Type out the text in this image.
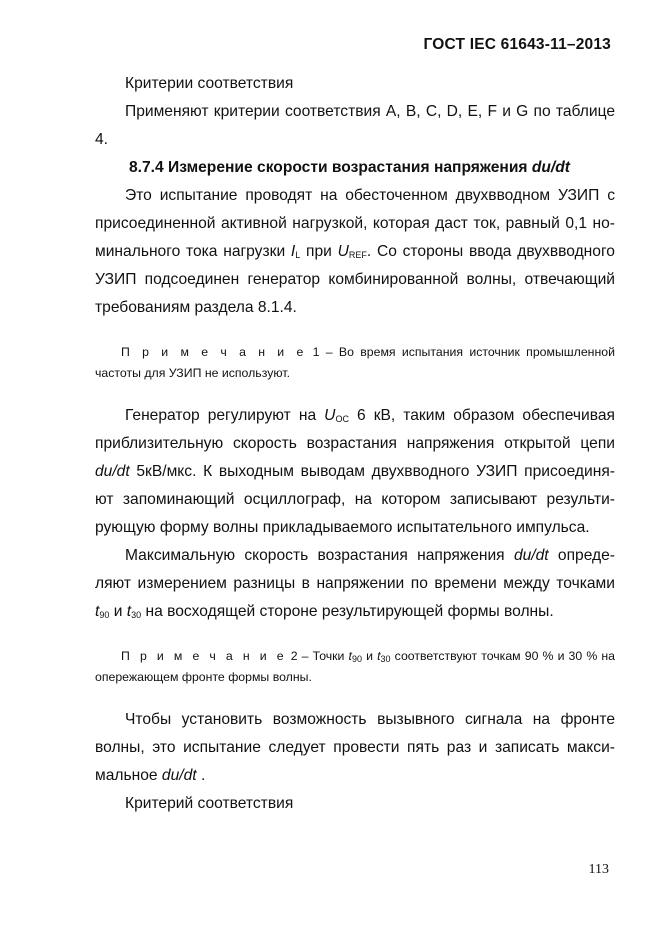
ГОСТ IEC 61643-11–2013

Критерии соответствия

Применяют критерии соответствия A, B, C, D, E, F и G по таблице 4.

8.7.4 Измерение скорости возрастания напряжения du/dt

Это испытание проводят на обесточенном двухвводном УЗИП с присоединенной активной нагрузкой, которая даст ток, равный 0,1 но-минального тока нагрузки $I_L$ при $U_{REF}$. Со стороны ввода двухвводного УЗИП подсоединен генератор комбинированной волны, отвечающий требованиям раздела 8.1.4.

П р и м е ч а н и е 1 – Во время испытания источник промышленной частоты для УЗИП не используют.

Генератор регулируют на $U_{OC}$ 6 кВ, таким образом обеспечивая приблизительную скорость возрастания напряжения открытой цепи du/dt 5кВ/мкс. К выходным выводам двухвводного УЗИП присоединя-ют запоминающий осциллограф, на котором записывают результи-рующую форму волны прикладываемого испытательного импульса.

Максимальную скорость возрастания напряжения du/dt опреде-ляют измерением разницы в напряжении по времени между точками $t_{90}$ и $t_{30}$ на восходящей стороне результирующей формы волны.

П р и м е ч а н и е 2 – Точки $t_{90}$ и $t_{30}$ соответствуют точкам 90 % и 30 % на опережающем фронте формы волны.

Чтобы установить возможность вызывного сигнала на фронте волны, это испытание следует провести пять раз и записать макси-мальное du/dt .

Критерий соответствия

113
